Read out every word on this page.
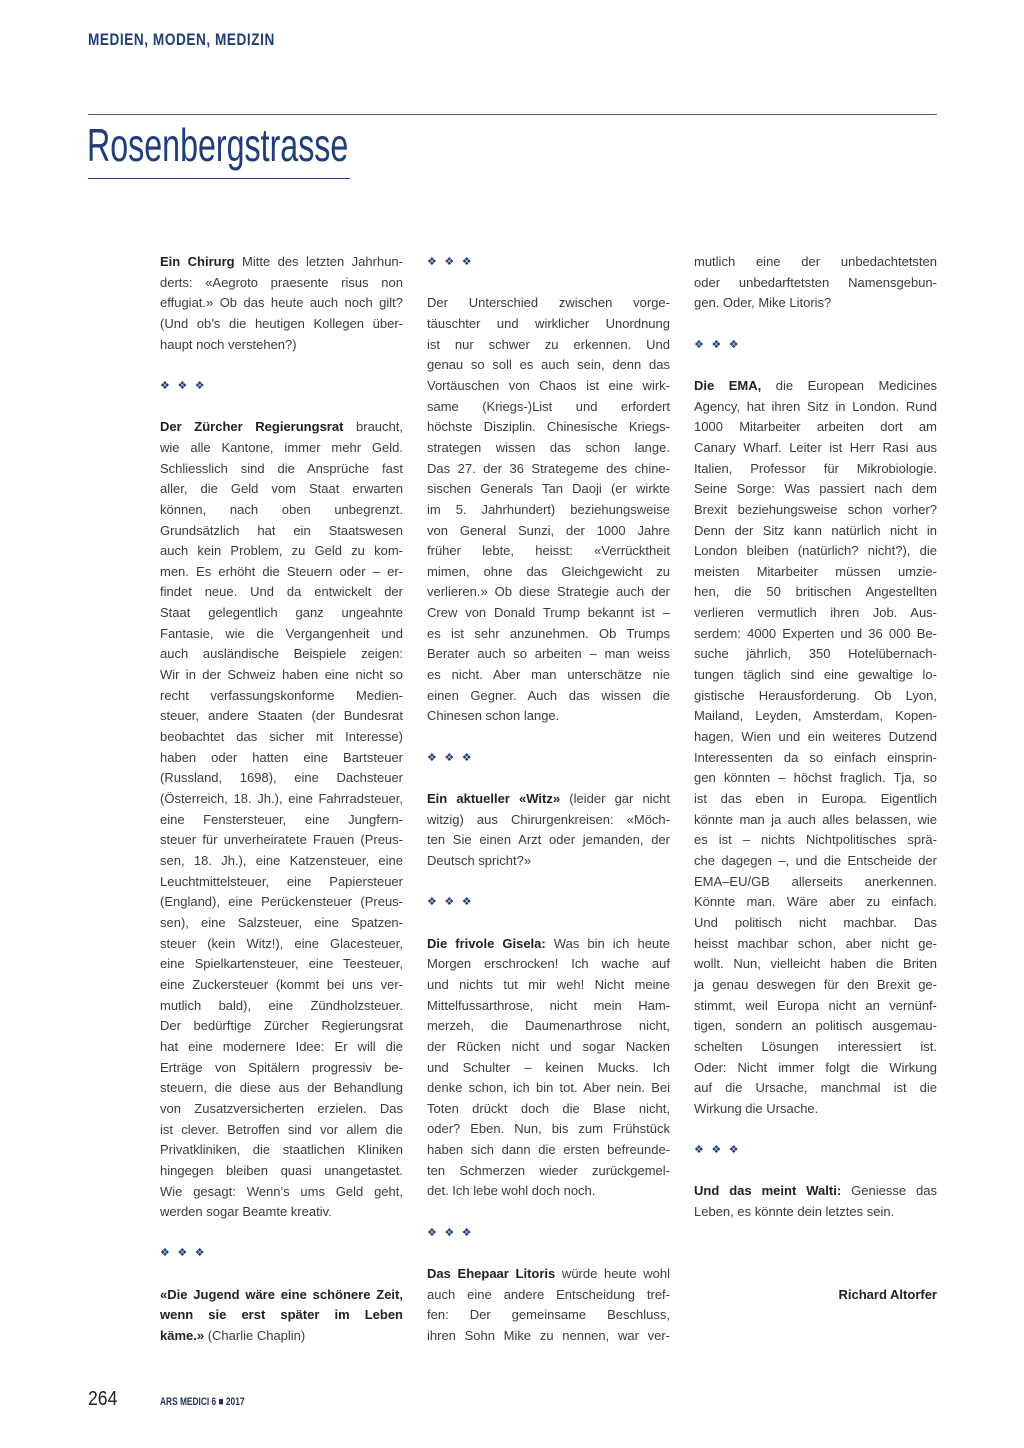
MEDIEN, MODEN, MEDIZIN
Rosenbergstrasse
Ein Chirurg Mitte des letzten Jahrhun-
derts: «Aegroto praesente risus non
effugiat.» Ob das heute auch noch gilt?
(Und ob’s die heutigen Kollegen über-
haupt noch verstehen?)
❖ ❖ ❖
Der Zürcher Regierungsrat braucht,
wie alle Kantone, immer mehr Geld.
Schliesslich sind die Ansprüche fast
aller, die Geld vom Staat erwarten
können, nach oben unbegrenzt.
Grundsätzlich hat ein Staatswesen
auch kein Problem, zu Geld zu kom-
men. Es erhöht die Steuern oder – er-
findet neue. Und da entwickelt der
Staat gelegentlich ganz ungeahnte
Fantasie, wie die Vergangenheit und
auch ausländische Beispiele zeigen:
Wir in der Schweiz haben eine nicht so
recht verfassungskonforme Medien-
steuer, andere Staaten (der Bundesrat
beobachtet das sicher mit Interesse)
haben oder hatten eine Bartsteuer
(Russland, 1698), eine Dachsteuer
(Österreich, 18. Jh.), eine Fahrradsteuer,
eine Fenstersteuer, eine Jungfern-
steuer für unverheiratete Frauen (Preus-
sen, 18. Jh.), eine Katzensteuer, eine
Leuchtmittelsteuer, eine Papiersteuer
(England), eine Perückensteuer (Preus-
sen), eine Salzsteuer, eine Spatzen-
steuer (kein Witz!), eine Glacesteuer,
eine Spielkartensteuer, eine Teesteuer,
eine Zuckersteuer (kommt bei uns ver-
mutlich bald), eine Zündholzsteuer.
Der bedürftige Zürcher Regierungsrat
hat eine modernere Idee: Er will die
Erträge von Spitälern progressiv be-
steuern, die diese aus der Behandlung
von Zusatzversicherten erzielen. Das
ist clever. Betroffen sind vor allem die
Privatkliniken, die staatlichen Kliniken
hingegen bleiben quasi unangetastet.
Wie gesagt: Wenn’s ums Geld geht,
werden sogar Beamte kreativ.
❖ ❖ ❖
«Die Jugend wäre eine schönere Zeit,
wenn sie erst später im Leben
käme.» (Charlie Chaplin)
❖ ❖ ❖
Der Unterschied zwischen vorge-
täuschter und wirklicher Unordnung
ist nur schwer zu erkennen. Und
genau so soll es auch sein, denn das
Vortäuschen von Chaos ist eine wirk-
same (Kriegs-)List und erfordert
höchste Disziplin. Chinesische Kriegs-
strategen wissen das schon lange.
Das 27. der 36 Strategeme des chine-
sischen Generals Tan Daoji (er wirkte
im 5. Jahrhundert) beziehungsweise
von General Sunzi, der 1000 Jahre
früher lebte, heisst: «Verrücktheit
mimen, ohne das Gleichgewicht zu
verlieren.» Ob diese Strategie auch der
Crew von Donald Trump bekannt ist –
es ist sehr anzunehmen. Ob Trumps
Berater auch so arbeiten – man weiss
es nicht. Aber man unterschätze nie
einen Gegner. Auch das wissen die
Chinesen schon lange.
❖ ❖ ❖
Ein aktueller «Witz» (leider gar nicht
witzig) aus Chirurgenkreisen: «Möch-
ten Sie einen Arzt oder jemanden, der
Deutsch spricht?»
❖ ❖ ❖
Die frivole Gisela: Was bin ich heute
Morgen erschrocken! Ich wache auf
und nichts tut mir weh! Nicht meine
Mittelfussarthrose, nicht mein Ham-
merzeh, die Daumenarthrose nicht,
der Rücken nicht und sogar Nacken
und Schulter – keinen Mucks. Ich
denke schon, ich bin tot. Aber nein. Bei
Toten drückt doch die Blase nicht,
oder? Eben. Nun, bis zum Frühstück
haben sich dann die ersten befreunde-
ten Schmerzen wieder zurückgemel-
det. Ich lebe wohl doch noch.
❖ ❖ ❖
Das Ehepaar Litoris würde heute wohl
auch eine andere Entscheidung tref-
fen: Der gemeinsame Beschluss,
ihren Sohn Mike zu nennen, war ver-
mutlich eine der unbedachtetsten
oder unbedarftetsten Namensgebun-
gen. Oder, Mike Litoris?
❖ ❖ ❖
Die EMA, die European Medicines
Agency, hat ihren Sitz in London. Rund
1000 Mitarbeiter arbeiten dort am
Canary Wharf. Leiter ist Herr Rasi aus
Italien, Professor für Mikrobiologie.
Seine Sorge: Was passiert nach dem
Brexit beziehungsweise schon vorher?
Denn der Sitz kann natürlich nicht in
London bleiben (natürlich? nicht?), die
meisten Mitarbeiter müssen umzie-
hen, die 50 britischen Angestellten
verlieren vermutlich ihren Job. Aus-
serdem: 4000 Experten und 36 000 Be-
suche jährlich, 350 Hotelübernach-
tungen täglich sind eine gewaltige lo-
gistische Herausforderung. Ob Lyon,
Mailand, Leyden, Amsterdam, Kopen-
hagen, Wien und ein weiteres Dutzend
Interessenten da so einfach einsprin-
gen könnten – höchst fraglich. Tja, so
ist das eben in Europa. Eigentlich
könnte man ja auch alles belassen, wie
es ist – nichts Nichtpolitisches sprä-
che dagegen –, und die Entscheide der
EMA–EU/GB allerseits anerkennen.
Könnte man. Wäre aber zu einfach.
Und politisch nicht machbar. Das
heisst machbar schon, aber nicht ge-
wollt. Nun, vielleicht haben die Briten
ja genau deswegen für den Brexit ge-
stimmt, weil Europa nicht an vernünf-
tigen, sondern an politisch ausgemau-
schelten Lösungen interessiert ist.
Oder: Nicht immer folgt die Wirkung
auf die Ursache, manchmal ist die
Wirkung die Ursache.
❖ ❖ ❖
Und das meint Walti: Geniesse das
Leben, es könnte dein letztes sein.
Richard Altorfer
264	ARS MEDICI 6 ■ 2017
